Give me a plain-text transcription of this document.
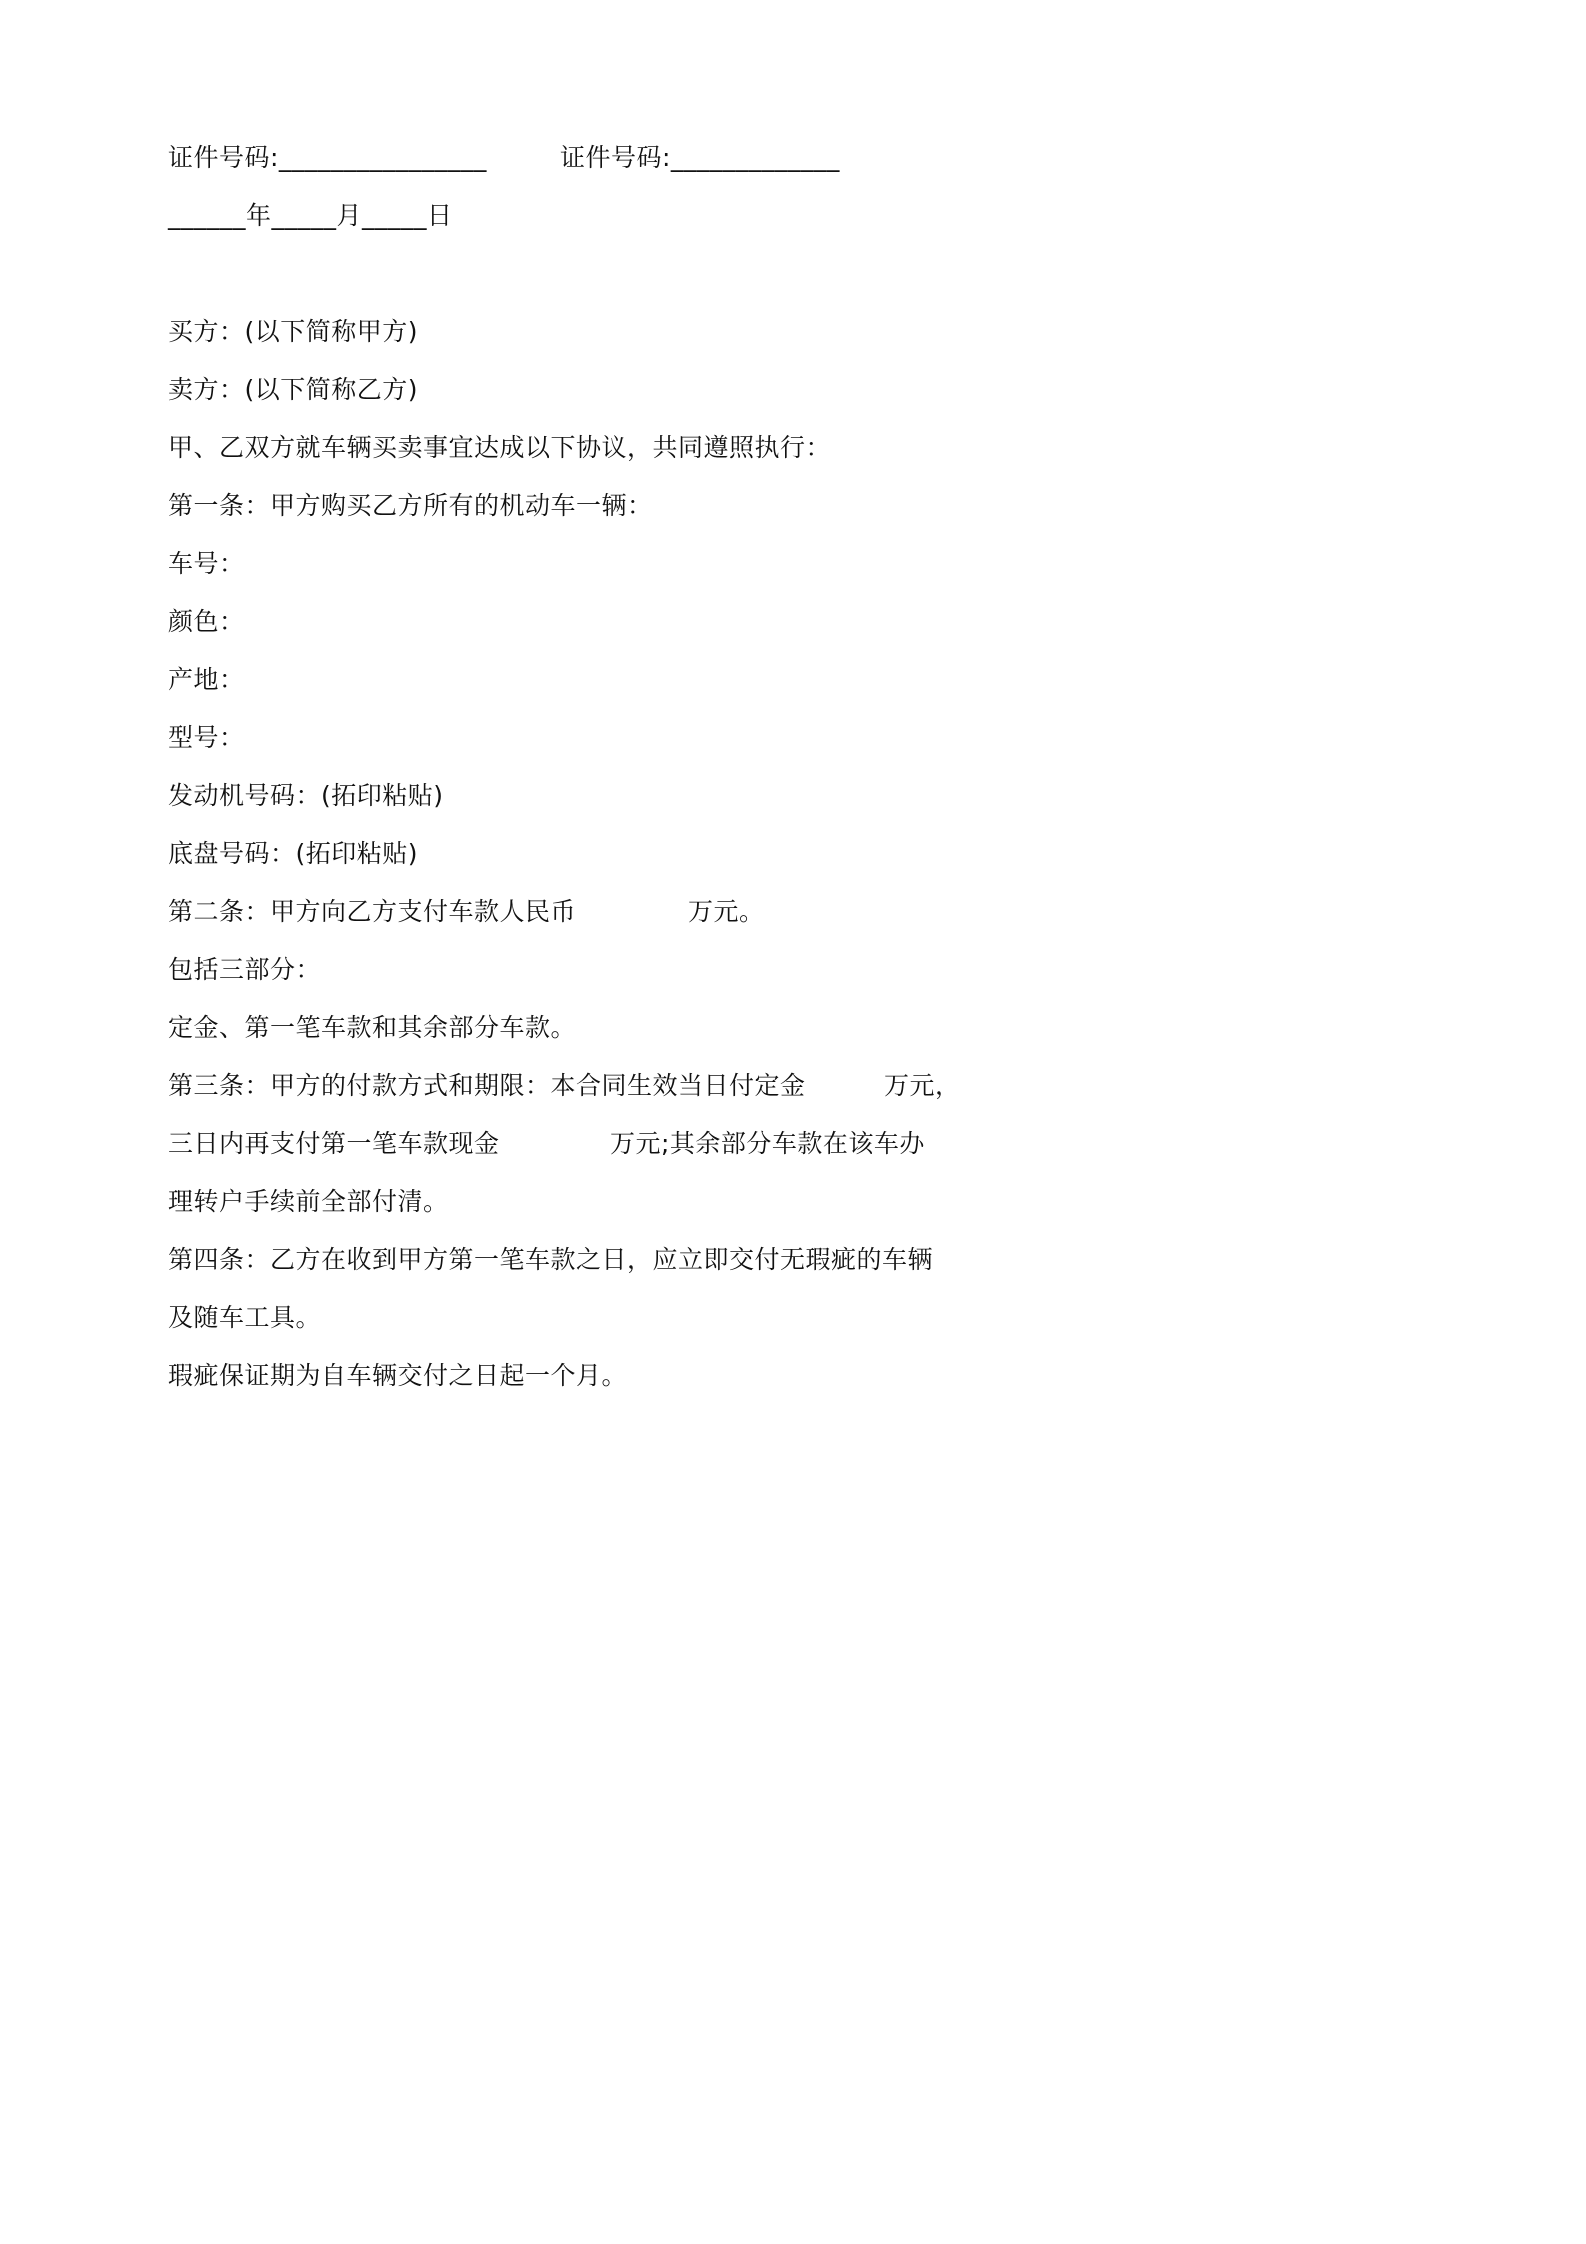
证件号码:________________

	证件号码:_____________

______年_____月_____日
买方：(以下简称甲方)
卖方：(以下简称乙方)
甲、乙双方就车辆买卖事宜达成以下协议，共同遵照执行：
第一条：甲方购买乙方所有的机动车一辆：
车号：
颜色：
产地：
型号：
发动机号码：(拓印粘贴)
底盘号码：(拓印粘贴)

第二条：甲方向乙方支付车款人民币

	万元。

包括三部分：
定金、第一笔车款和其余部分车款。

第三条：甲方的付款方式和期限：本合同生效当日付定金

	万元，

三日内再支付第一笔车款现金

	万元;其余部分车款在该车办

理转户手续前全部付清。
第四条：乙方在收到甲方第一笔车款之日，应立即交付无瑕疵的车辆
及随车工具。
瑕疵保证期为自车辆交付之日起一个月。
